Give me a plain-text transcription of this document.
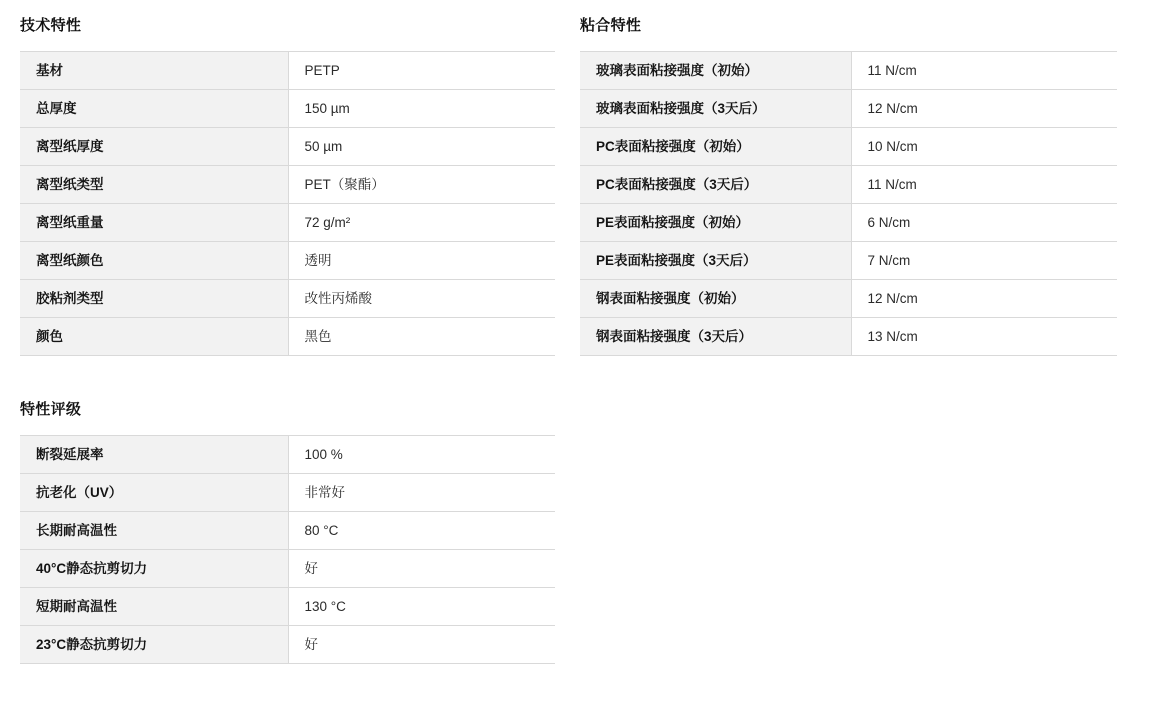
技术特性
基材	PETP
总厚度	150 µm
离型纸厚度	50 µm
离型纸类型	PET（聚酯）
离型纸重量	72 g/m²
离型纸颜色	透明
胶粘剂类型	改性丙烯酸
颜色	黑色
粘合特性
玻璃表面粘接强度（初始）	11 N/cm
玻璃表面粘接强度（3天后）	12 N/cm
PC表面粘接强度（初始）	10 N/cm
PC表面粘接强度（3天后）	11 N/cm
PE表面粘接强度（初始）	6 N/cm
PE表面粘接强度（3天后）	7 N/cm
钢表面粘接强度（初始）	12 N/cm
钢表面粘接强度（3天后）	13 N/cm
特性评级
断裂延展率	100 %
抗老化（UV）	非常好
长期耐高温性	80 °C
40°C静态抗剪切力	好
短期耐高温性	130 °C
23°C静态抗剪切力	好
